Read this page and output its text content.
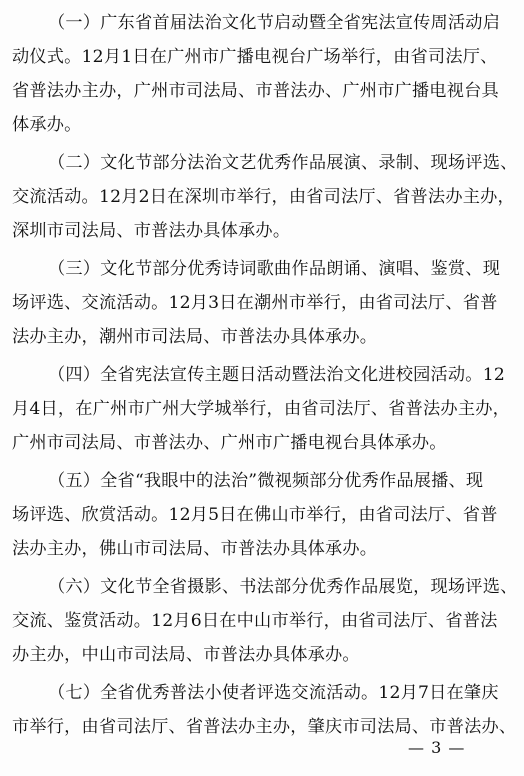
（一）广东省首届法治文化节启动暨全省宪法宣传周活动启
动仪式。12月1日在广州市广播电视台广场举行，由省司法厅、
省普法办主办，广州市司法局、市普法办、广州市广播电视台具
体承办。
（二）文化节部分法治文艺优秀作品展演、录制、现场评选、
交流活动。12月2日在深圳市举行，由省司法厅、省普法办主办，
深圳市司法局、市普法办具体承办。
（三）文化节部分优秀诗词歌曲作品朗诵、演唱、鉴赏、现
场评选、交流活动。12月3日在潮州市举行，由省司法厅、省普
法办主办，潮州市司法局、市普法办具体承办。
（四）全省宪法宣传主题日活动暨法治文化进校园活动。12
月4日，在广州市广州大学城举行，由省司法厅、省普法办主办，
广州市司法局、市普法办、广州市广播电视台具体承办。
（五）全省“我眼中的法治”微视频部分优秀作品展播、现
场评选、欣赏活动。12月5日在佛山市举行，由省司法厅、省普
法办主办，佛山市司法局、市普法办具体承办。
（六）文化节全省摄影、书法部分优秀作品展览，现场评选、
交流、鉴赏活动。12月6日在中山市举行，由省司法厅、省普法
办主办，中山市司法局、市普法办具体承办。
（七）全省优秀普法小使者评选交流活动。12月7日在肇庆
市举行，由省司法厅、省普法办主办，肇庆市司法局、市普法办、
— 3 —
